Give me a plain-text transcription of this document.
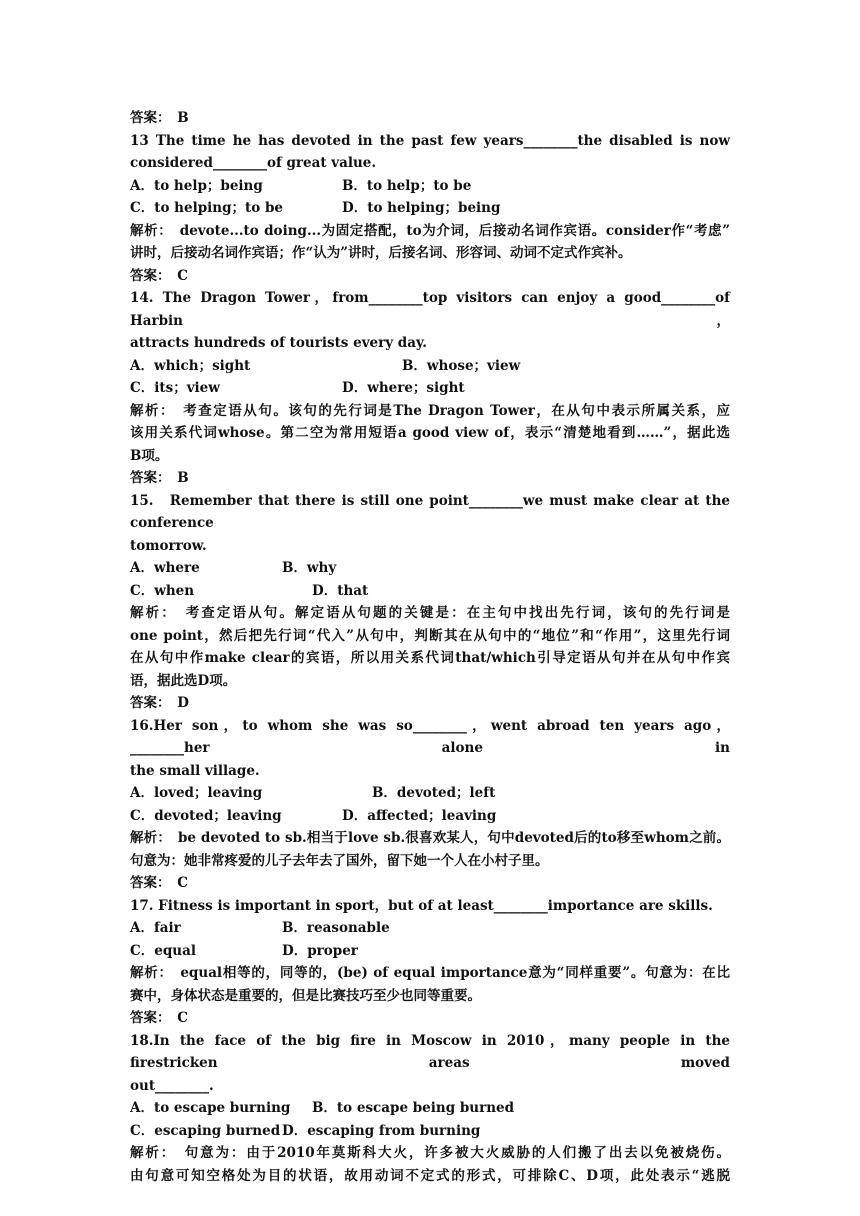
答案：　B
13 The time he has devoted in the past few years________the disabled is now
considered________of great value.
A．to help；being	B．to help；to be
C．to helping；to be	D．to helping；being
解析：　devote...to doing...为固定搭配，to为介词，后接动名词作宾语。consider作“考虑”
讲时，后接动名词作宾语；作“认为”讲时，后接名词、形容词、动词不定式作宾补。
答案：　C
14. The Dragon Tower，from________top visitors can enjoy a good________of Harbin，
attracts hundreds of tourists every day.
A．which；sight	B．whose；view
C．its；view	D．where；sight
解析：　考查定语从句。该句的先行词是The Dragon Tower，在从句中表示所属关系，应
该用关系代词whose。第二空为常用短语a good view of，表示“清楚地看到……”，据此选
B项。
答案：　B
15.　Remember that there is still one point________we must make clear at the conference
tomorrow.
A．where	B．why
C．when	D．that
解析：　考查定语从句。解定语从句题的关键是：在主句中找出先行词，该句的先行词是
one point，然后把先行词“代入”从句中，判断其在从句中的“地位”和“作用”，这里先行词
在从句中作make clear的宾语，所以用关系代词that/which引导定语从句并在从句中作宾
语，据此选D项。
答案：　D
16.Her son，to whom she was so________，went abroad ten years ago，________her alone in
the small village.
A．loved；leaving	B．devoted；left
C．devoted；leaving	D．affected；leaving
解析：　be devoted to sb.相当于love sb.很喜欢某人，句中devoted后的to移至whom之前。
句意为：她非常疼爱的儿子去年去了国外，留下她一个人在小村子里。
答案：　C
17. Fitness is important in sport，but of at least________importance are skills.
A．fair	B．reasonable
C．equal	D．proper
解析：　equal相等的，同等的，(be) of equal importance意为“同样重要”。句意为：在比
赛中，身体状态是重要的，但是比赛技巧至少也同等重要。
答案：　C
18.In the face of the big fire in Moscow in 2010，many people in the firestricken areas moved
out________.
A．to escape burning B．to escape being burned
C．escaping burned D．escaping from burning
解析：　句意为：由于2010年莫斯科大火，许多被大火威胁的人们搬了出去以免被烧伤。
由句意可知空格处为目的状语，故用动词不定式的形式，可排除C、D项，此处表示“逃脱
